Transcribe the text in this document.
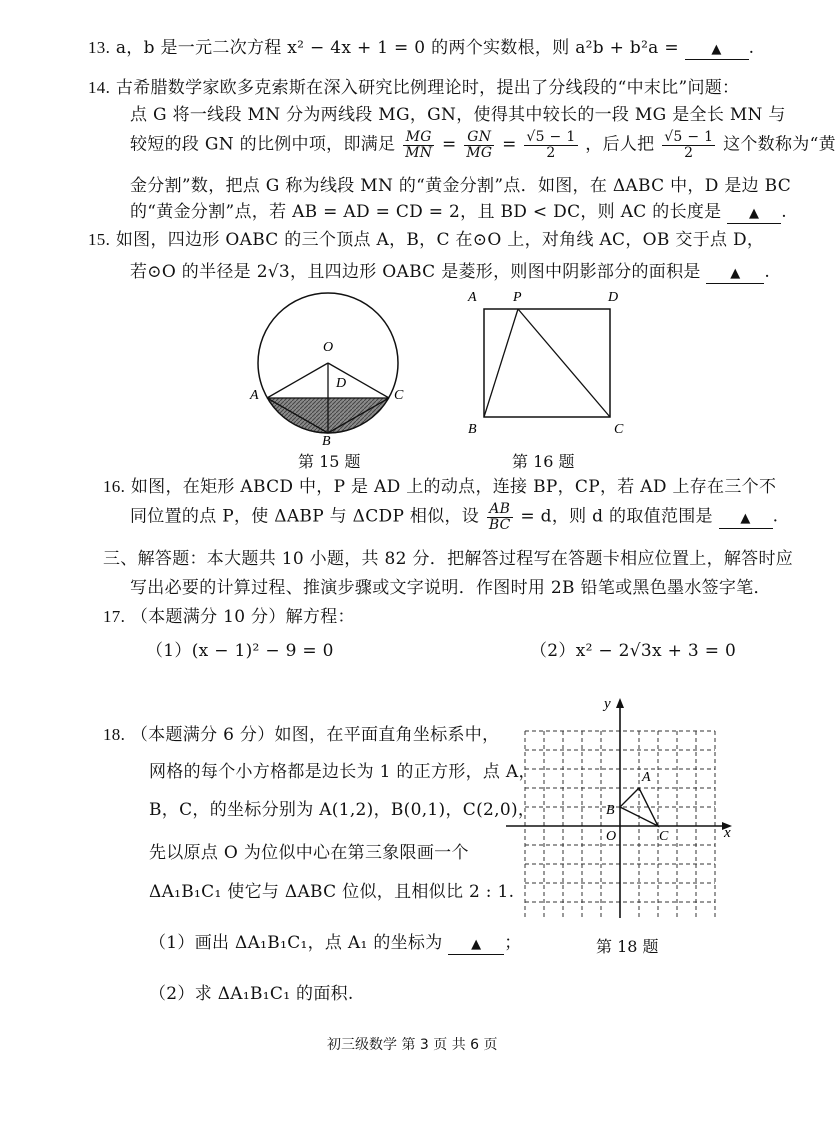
13. a，b 是一元二次方程 x² − 4x + 1 = 0 的两个实数根，则 a²b + b²a = ▲ .
14. 古希腊数学家欧多克索斯在深入研究比例理论时，提出了分线段的“中末比”问题：
点 G 将一线段 MN 分为两线段 MG，GN，使得其中较长的一段 MG 是全长 MN 与
较短的段 GN 的比例中项，即满足 $\frac{MG}{MN} = \frac{GN}{MG} = \frac{√5 - 1}{2}$ ，后人把 $\frac{√5 - 1}{2}$ 这个数称为“黄
金分割”数，把点 G 称为线段 MN 的“黄金分割”点．如图，在 ΔABC 中，D 是边 BC
的“黄金分割”点，若 AB = AD = CD = 2，且 BD < DC，则 AC 的长度是 ▲ .
15. 如图，四边形 OABC 的三个顶点 A，B，C 在⊙O 上，对角线 AC，OB 交于点 D，
若⊙O 的半径是 2√3，且四边形 OABC 是菱形，则图中阴影部分的面积是 ▲ .
O
A	C
D
B
第 15 题
A	P	D
B	C
第 16 题
16. 如图，在矩形 ABCD 中，P 是 AD 上的动点，连接 BP，CP，若 AD 上存在三个不
同位置的点 P，使 ΔABP 与 ΔCDP 相似，设 $\frac{AB}{BC} = d$，则 d 的取值范围是 ▲ .
三、解答题：本大题共 10 小题，共 82 分．把解答过程写在答题卡相应位置上，解答时应
写出必要的计算过程、推演步骤或文字说明．作图时用 2B 铅笔或黑色墨水签字笔．
17. （本题满分 10 分）解方程：
（1）(x − 1)² − 9 = 0	（2）x² − 2√3x + 3 = 0
18. （本题满分 6 分）如图，在平面直角坐标系中，
网格的每个小方格都是边长为 1 的正方形，点 A，
B，C，的坐标分别为 A(1,2)，B(0,1)，C(2,0)，
先以原点 O 为位似中心在第三象限画一个
ΔA₁B₁C₁ 使它与 ΔABC 位似，且相似比 2 : 1.
（1）画出 ΔA₁B₁C₁，点 A₁ 的坐标为 ▲ ；
（2）求 ΔA₁B₁C₁ 的面积.
y
x
O
A
B
C
第 18 题
初三级数学 第 3 页 共 6 页
